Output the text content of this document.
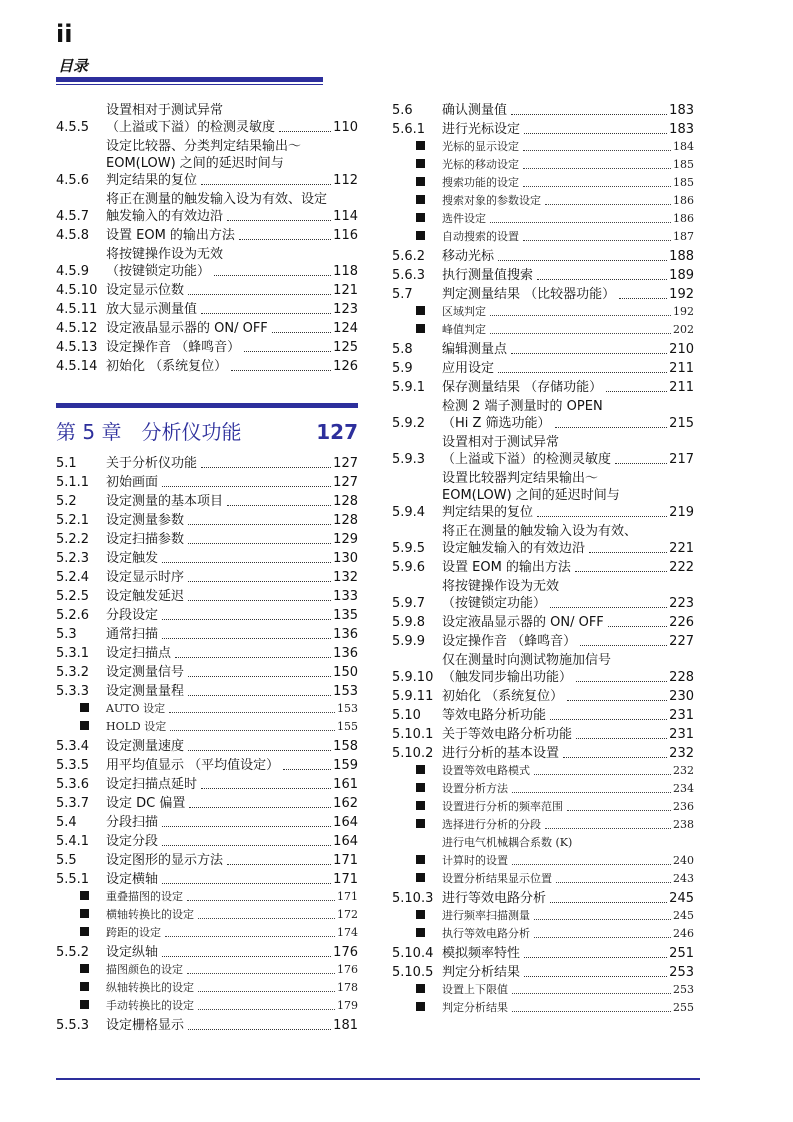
ii
目录
4.5.5
设置相对于测试异常
（上溢或下溢）的检测灵敏度	110
4.5.6
设定比较器、分类判定结果输出～
EOM(LOW) 之间的延迟时间与
判定结果的复位	112
4.5.7
将正在测量的触发输入设为有效、设定
触发输入的有效边沿	114
4.5.8	设置 EOM 的输出方法	116
4.5.9
将按键操作设为无效
（按键锁定功能）	118
4.5.10 设定显示位数	121
4.5.11 放大显示测量值	123
4.5.12 设定液晶显示器的 ON/ OFF	124
4.5.13 设定操作音 （蜂鸣音）	125
4.5.14 初始化 （系统复位）	126
第 5 章　分析仪功能	127
5.1	关于分析仪功能	127
5.1.1	初始画面	127
5.2	设定测量的基本项目	128
5.2.1	设定测量参数	128
5.2.2	设定扫描参数	129
5.2.3	设定触发	130
5.2.4	设定显示时序	132
5.2.5	设定触发延迟	133
5.2.6	分段设定	135
5.3	通常扫描	136
5.3.1	设定扫描点	136
5.3.2	设定测量信号	150
5.3.3	设定测量量程	153
AUTO 设定	153
HOLD 设定	155
5.3.4	设定测量速度	158
5.3.5	用平均值显示 （平均值设定）	159
5.3.6	设定扫描点延时	161
5.3.7	设定 DC 偏置	162
5.4	分段扫描	164
5.4.1	设定分段	164
5.5	设定图形的显示方法	171
5.5.1	设定横轴	171
重叠描图的设定	171
横轴转换比的设定	172
跨距的设定	174
5.5.2	设定纵轴	176
描图颜色的设定	176
纵轴转换比的设定	178
手动转换比的设定	179
5.5.3	设定栅格显示	181
5.6	确认测量值	183
5.6.1	进行光标设定	183
光标的显示设定	184
光标的移动设定	185
搜索功能的设定	185
搜索对象的参数设定	186
选件设定	186
自动搜索的设置	187
5.6.2	移动光标	188
5.6.3	执行测量值搜索	189
5.7	判定测量结果 （比较器功能）	192
区域判定	192
峰值判定	202
5.8	编辑测量点	210
5.9	应用设定	211
5.9.1	保存测量结果 （存储功能）	211
5.9.2
检测 2 端子测量时的 OPEN
（Hi Z 筛选功能）	215
5.9.3
设置相对于测试异常
（上溢或下溢）的检测灵敏度	217
5.9.4
设置比较器判定结果输出～
EOM(LOW) 之间的延迟时间与
判定结果的复位	219
5.9.5
将正在测量的触发输入设为有效、
设定触发输入的有效边沿	221
5.9.6	设置 EOM 的输出方法	222
5.9.7
将按键操作设为无效
（按键锁定功能）	223
5.9.8	设定液晶显示器的 ON/ OFF	226
5.9.9	设定操作音 （蜂鸣音）	227
5.9.10
仅在测量时向测试物施加信号
（触发同步输出功能）	228
5.9.11 初始化 （系统复位）	230
5.10	等效电路分析功能	231
5.10.1 关于等效电路分析功能	231
5.10.2 进行分析的基本设置	232
设置等效电路模式	232
设置分析方法	234
设置进行分析的频率范围	236
选择进行分析的分段	238
进行电气机械耦合系数 (K)
计算时的设置	240
设置分析结果显示位置	243
5.10.3 进行等效电路分析	245
进行频率扫描测量	245
执行等效电路分析	246
5.10.4 模拟频率特性	251
5.10.5 判定分析结果	253
设置上下限值	253
判定分析结果	255
